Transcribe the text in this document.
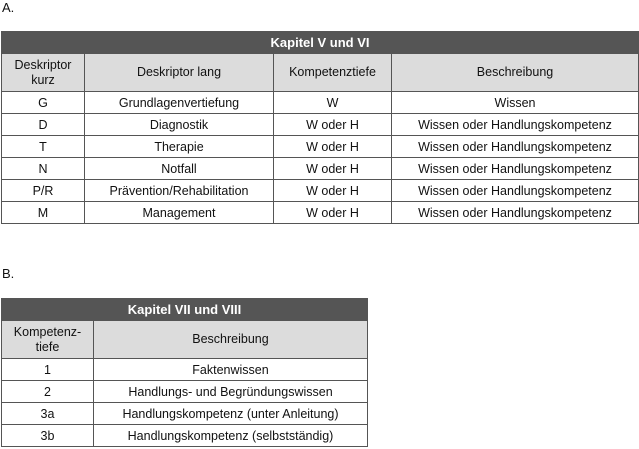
A.
Kapitel V und VI			
Deskriptor
kurz	Deskriptor lang	Kompetenztiefe	Beschreibung
G	Grundlagenvertiefung	W	Wissen
D	Diagnostik	W oder H	Wissen oder Handlungskompetenz
T	Therapie	W oder H	Wissen oder Handlungskompetenz
N	Notfall	W oder H	Wissen oder Handlungskompetenz
P/R	Prävention/Rehabilitation	W oder H	Wissen oder Handlungskompetenz
M	Management	W oder H	Wissen oder Handlungskompetenz
B.
Kapitel VII und VIII	
Kompetenz-
tiefe	Beschreibung
1	Faktenwissen
2	Handlungs- und Begründungswissen
3a	Handlungskompetenz (unter Anleitung)
3b	Handlungskompetenz (selbstständig)
